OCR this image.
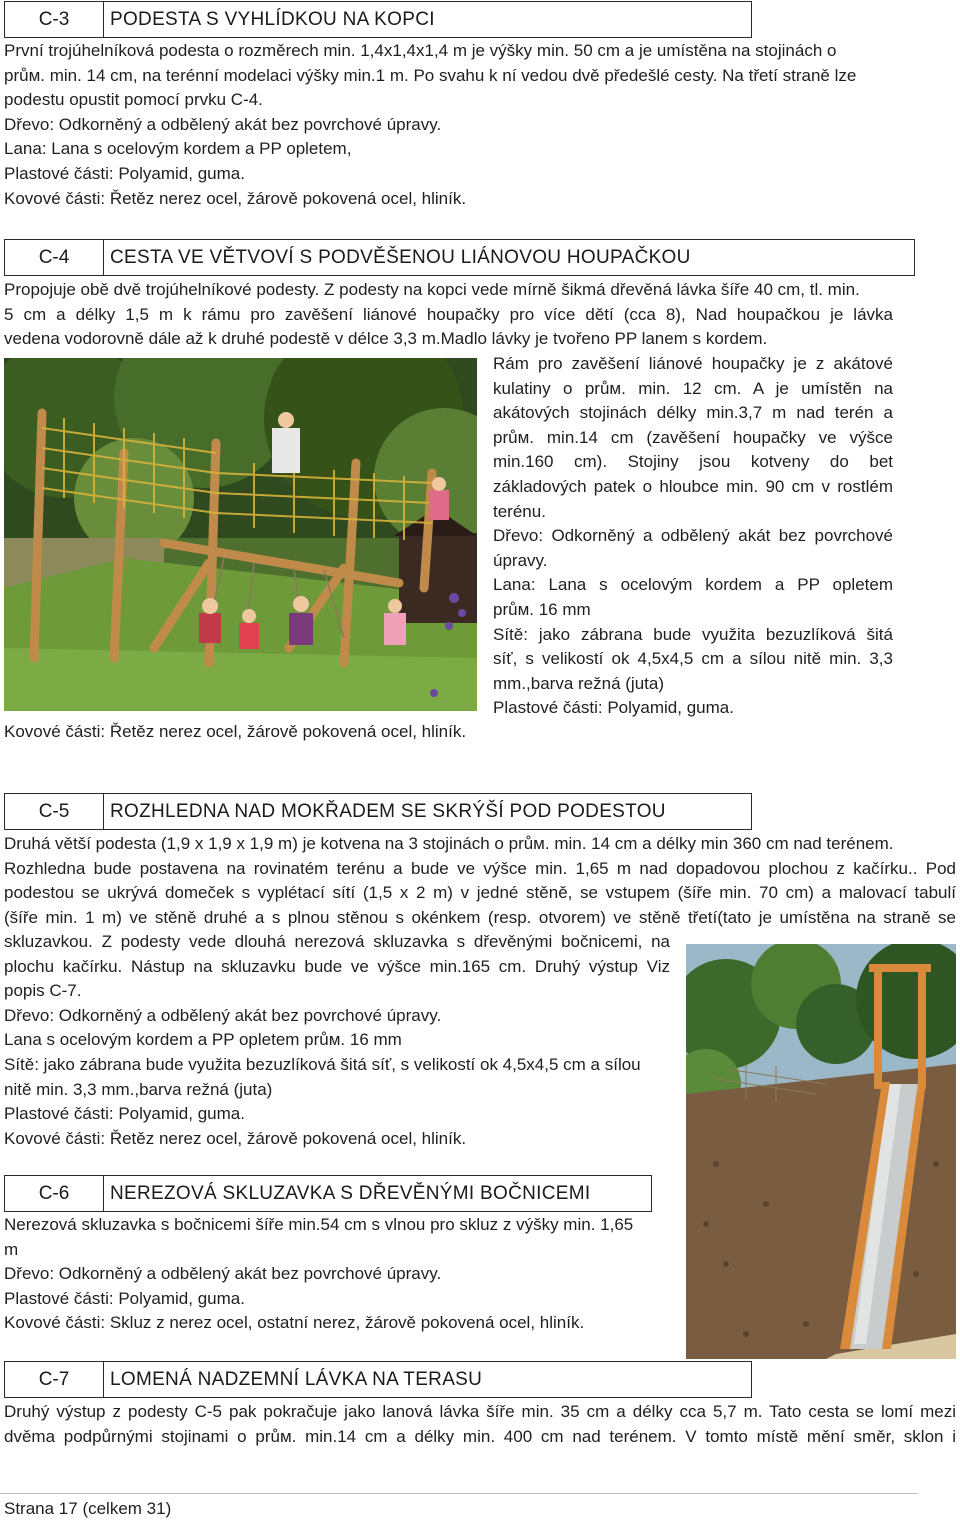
C-3	PODESTA S VYHLÍDKOU NA KOPCI
První trojúhelníková podesta o rozměrech min. 1,4x1,4x1,4 m je výšky min. 50 cm a je umístěna na stojinách o
průм. min. 14 cm, na terénní modelaci výšky min.1 m. Po svahu k ní vedou dvě předešlé cesty. Na třetí straně lze
podestu opustit pomocí prvku C-4.
Dřevo: Odkorněný a odbělený akát bez povrchové úpravy.
Lana: Lana s ocelovým kordem a PP opletem,
Plastové části: Polyamid, guma.
Kovové části: Řetěz nerez ocel, žárově pokovená ocel, hliník.
C-4	CESTA VE VĚTVOVÍ S PODVĚŠENOU LIÁNOVOU HOUPAČKOU
Propojuje obě dvě trojúhelníkové podesty. Z podesty na kopci vede mírně šikmá dřevěná lávka šíře 40 cm, tl. min.
5 cm a délky 1,5 m k rámu pro zavěšení liánové houpačky pro více dětí (cca 8), Nad houpačkou je lávka
vedena vodorovně dále až k druhé podestě v délce 3,3 m.Madlo lávky je tvořeno PP lanem s kordem.
Rám pro zavěšení liánové houpačky je z akátové
kulatiny o průм. min. 12 cm. A je umístěn na
akátových stojinách délky min.3,7 m nad terén a
průм. min.14 cm (zavěšení houpačky ve výšce
min.160 cm). Stojiny jsou kotveny do bet
základových patek o hloubce min. 90 cm v rostlém
terénu.
Dřevo: Odkorněný a odbělený akát bez povrchové
úpravy.
Lana: Lana s ocelovým kordem a PP opletem
průм. 16 mm
Sítě: jako zábrana bude využita bezuzlíková šitá
síť, s velikostí ok 4,5x4,5 cm a sílou nitě min. 3,3
mm.,barva režná (juta)
Plastové části: Polyamid, guma.
Kovové části: Řetěz nerez ocel, žárově pokovená ocel, hliník.
C-5	ROZHLEDNA NAD MOKŘADEM SE SKRÝŠÍ POD PODESTOU
Druhá větší podesta (1,9 x 1,9 x 1,9 m) je kotvena na 3 stojinách o průм. min. 14 cm a délky min 360 cm nad terénem.
Rozhledna bude postavena na rovinatém terénu a bude ve výšce min. 1,65 m nad dopadovou plochou z kačírku.. Pod
podestou se ukrývá domeček s vyplétací sítí (1,5 x 2 m) v jedné stěně, se vstupem (šíře min. 70 cm) a malovací tabulí
(šíře min. 1 m) ve stěně druhé a s plnou stěnou s okénkem (resp. otvorem) ve stěně třetí(tato je umístěna na straně se
skluzavkou. Z podesty vede dlouhá nerezová skluzavka s dřevěnými bočnicemi, na
plochu kačírku. Nástup na skluzavku bude ve výšce min.165 cm. Druhý výstup Viz
popis C-7.
Dřevo: Odkorněný a odbělený akát bez povrchové úpravy.
Lana s ocelovým kordem a PP opletem průм. 16 mm
Sítě: jako zábrana bude využita bezuzlíková šitá síť, s velikostí ok 4,5x4,5 cm a sílou
nitě min. 3,3 mm.,barva režná (juta)
Plastové části: Polyamid, guma.
Kovové části: Řetěz nerez ocel, žárově pokovená ocel, hliník.
C-6	NEREZOVÁ SKLUZAVKA S DŘEVĚNÝMI BOČNICEMI
Nerezová skluzavka s bočnicemi šíře min.54 cm s vlnou pro skluz z výšky min. 1,65
m
Dřevo: Odkorněný a odbělený akát bez povrchové úpravy.
Plastové části: Polyamid, guma.
Kovové části: Skluz z nerez ocel, ostatní nerez, žárově pokovená ocel, hliník.
C-7	LOMENÁ NADZEMNÍ LÁVKA NA TERASU
Druhý výstup z podesty C-5 pak pokračuje jako lanová lávka šíře min. 35 cm a délky cca 5,7 m. Tato cesta se lomí mezi
dvěma podpůrnými stojinami o průм. min.14 cm a délky min. 400 cm nad terénem. V tomto místě mění směr, sklon i
Strana 17 (celkem 31)
